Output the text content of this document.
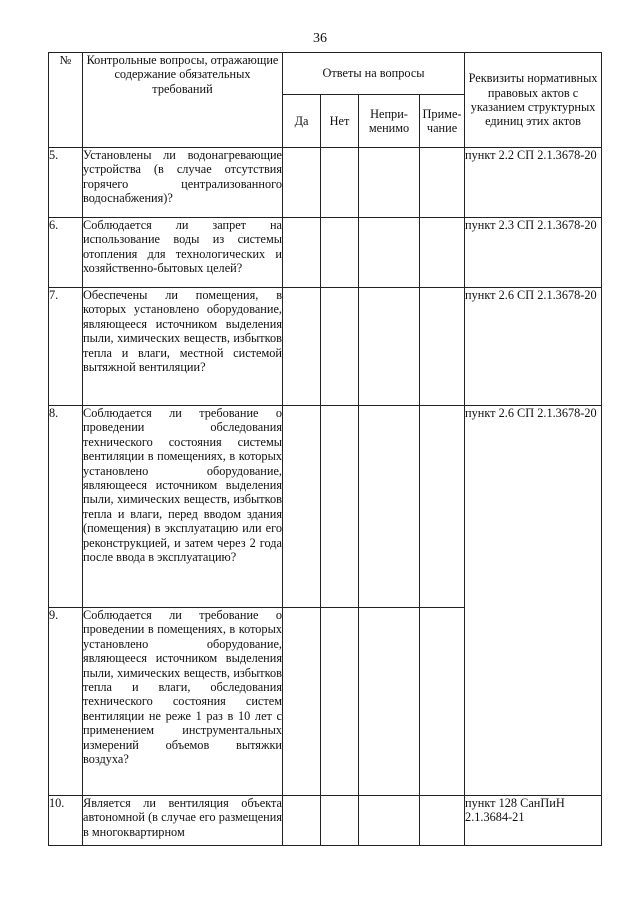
36
№	Контрольные вопросы, отражающие содержание обязательных требований	Ответы на вопросы				Реквизиты нормативных правовых актов с указанием структурных единиц этих актов
		Да	Нет	Непри-менимо	Приме-чание	
5.	Установлены ли водонагревающие устройства (в случае отсутствия горячего централизованного водоснабжения)?					пункт 2.2 СП 2.1.3678-20
6.	Соблюдается ли запрет на использование воды из системы отопления для технологических и хозяйственно-бытовых целей?					пункт 2.3 СП 2.1.3678-20
7.	Обеспечены ли помещения, в которых установлено оборудование, являющееся источником выделения пыли, химических веществ, избытков тепла и влаги, местной системой вытяжной вентиляции?					пункт 2.6 СП 2.1.3678-20
8.	Соблюдается ли требование о проведении обследования технического состояния системы вентиляции в помещениях, в которых установлено оборудование, являющееся источником выделения пыли, химических веществ, избытков тепла и влаги, перед вводом здания (помещения) в эксплуатацию или его реконструкцией, и затем через 2 года после ввода в эксплуатацию?					пункт 2.6 СП 2.1.3678-20
9.	Соблюдается ли требование о проведении в помещениях, в которых установлено оборудование, являющееся источником выделения пыли, химических веществ, избытков тепла и влаги, обследования технического состояния систем вентиляции не реже 1 раз в 10 лет с применением инструментальных измерений объемов вытяжки воздуха?					
10.	Является ли вентиляция объекта автономной (в случае его размещения в многоквартирном					пункт 128 СанПиН 2.1.3684-21
